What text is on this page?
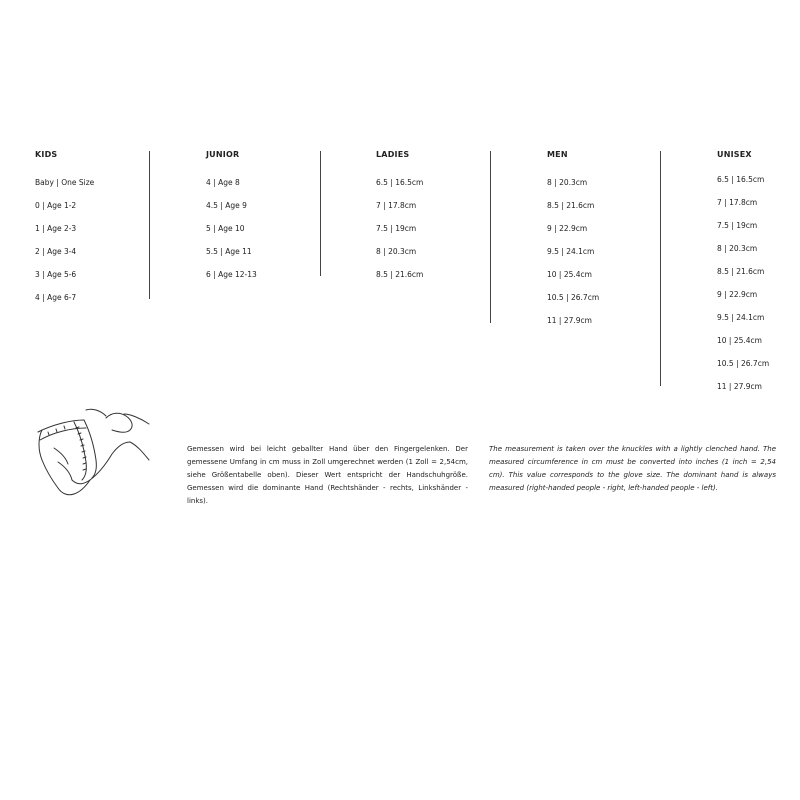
KIDS
Baby | One Size
0 | Age 1-2
1 | Age 2-3
2 | Age 3-4
3 | Age 5-6
4 | Age 6-7
JUNIOR
4 | Age 8
4.5 | Age 9
5 | Age 10
5.5 | Age 11
6 | Age 12-13
LADIES
6.5 | 16.5cm
7 | 17.8cm
7.5 | 19cm
8 | 20.3cm
8.5 | 21.6cm
MEN
8 | 20.3cm
8.5 | 21.6cm
9 | 22.9cm
9.5 | 24.1cm
10 | 25.4cm
10.5 | 26.7cm
11 | 27.9cm
UNISEX
6.5 | 16.5cm
7 | 17.8cm
7.5 | 19cm
8 | 20.3cm
8.5 | 21.6cm
9 | 22.9cm
9.5 | 24.1cm
10 | 25.4cm
10.5 | 26.7cm
11 | 27.9cm

Gemessen wird bei leicht geballter Hand über den Fingergelenken. Der gemessene Umfang in cm muss in Zoll umgerechnet werden (1 Zoll = 2,54cm, siehe Größentabelle oben). Dieser Wert entspricht der Handschuhgröße. Gemessen wird die dominante Hand (Rechtshänder - rechts, Linkshänder - links).

The measurement is taken over the knuckles with a lightly clenched hand. The measured circumference in cm must be converted into inches (1 inch = 2,54 cm). This value corresponds to the glove size. The dominant hand is always measured (right-handed people - right, left-handed people - left).
